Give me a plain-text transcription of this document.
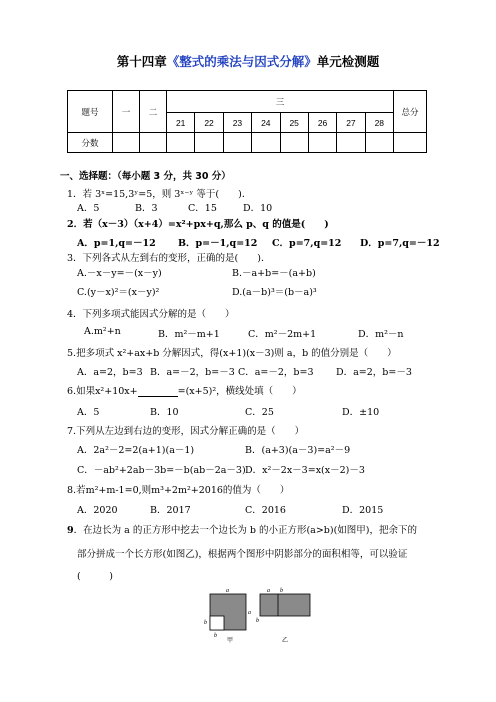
第十四章《整式的乘法与因式分解》单元检测题
题号	一	二	三								总分
			21	22	23	24	25	26	27	28	
分数											
一、选择题：（每小题 3 分，共 30 分）
1．若 3ˣ=15,3ʸ=5，则 3ˣ⁻ʸ 等于(　　)．
A．5	B．3	C．15	D．10
2．若（x－3）（x+4）=x²+px+q,那么 p、q 的值是(　　)
A．p=1,q=－12 B．p=－1,q=12 C．p=7,q=12 D．p=7,q=－12
3．下列各式从左到右的变形，正确的是(　　)．
A.－x－y=－(x－y)	B.－a+b=－(a+b)
C.(y－x)²＝(x－y)²	D.(a－b)³＝(b－a)³
4．下列多项式能因式分解的是（　　）
A.m²+n	B．m²－m+1	C．m²－2m+1	D．m²－n
5.把多项式 x²+ax+b 分解因式，得(x+1)(x－3)则 a，b 的值分别是（　　）
A．a=2，b=3 B．a=－2，b=－3 C．a=－2，b=3 D．a=2，b=－3
6.如果x²+10x+	=(x+5)²，横线处填（　　）
A．5	B．10	C．25	D．±10
7.下列从左边到右边的变形，因式分解正确的是（　　）
A．2a²－2=2(a+1)(a－1)	B．(a+3)(a－3)=a²－9
C．－ab²+2ab－3b=－b(ab－2a－3) D．x²－2x－3=x(x－2)－3
8.若m²+m-1=0,则m³+2m²+2016的值为（　　）
A．2020	B．2017	C．2016	D．2015
9．在边长为 a 的正方形中挖去一个边长为 b 的小正方形(a>b)(如图甲)，把余下的
部分拼成一个长方形(如图乙)，根据两个图形中阴影部分的面积相等，可以验证
(　　　)
a
a
b
b
甲
a b
b
乙
